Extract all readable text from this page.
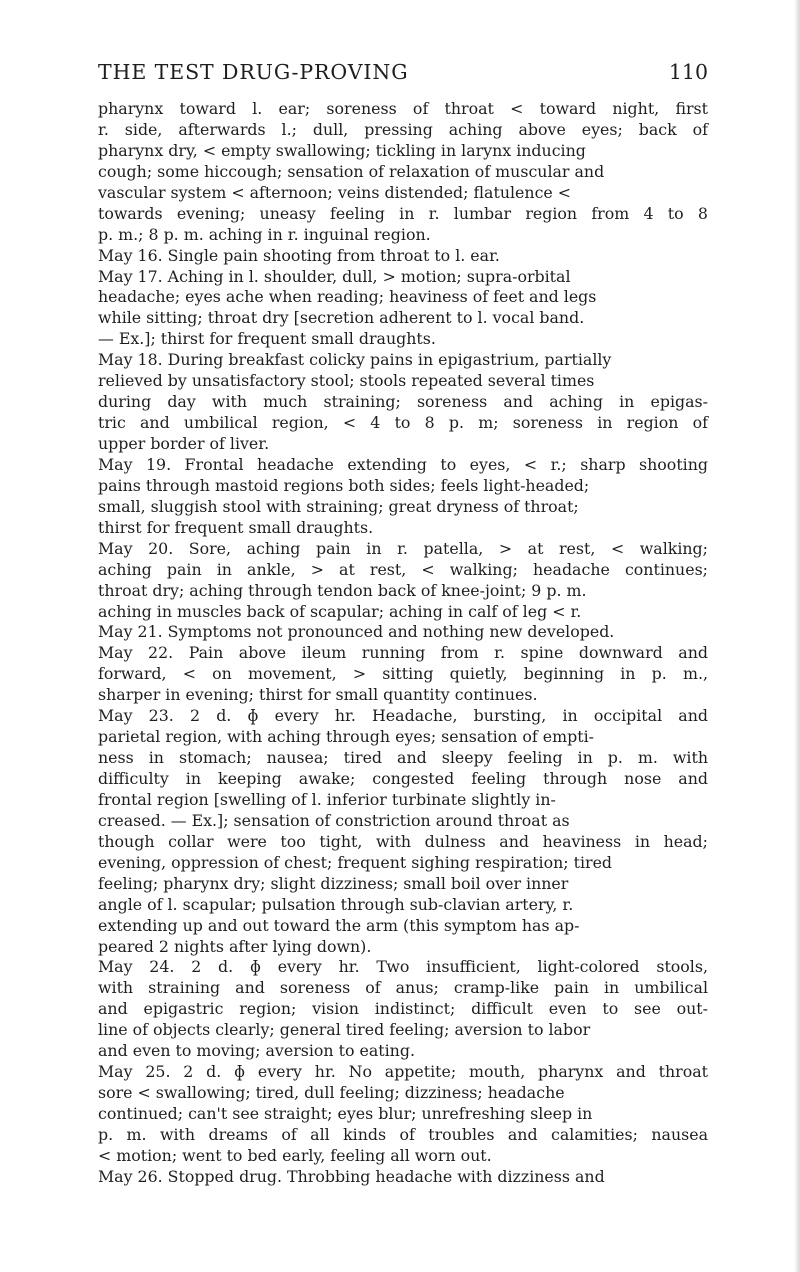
THE TEST DRUG-PROVING	110
pharynx toward l. ear; soreness of throat < toward night, first
r. side, afterwards l.; dull, pressing aching above eyes; back of
pharynx dry, < empty swallowing; tickling in larynx inducing
cough; some hiccough; sensation of relaxation of muscular and
vascular system < afternoon; veins distended; flatulence <
towards evening; uneasy feeling in r. lumbar region from 4 to 8
p. m.; 8 p. m. aching in r. inguinal region.
May 16. Single pain shooting from throat to l. ear.
May 17. Aching in l. shoulder, dull, > motion; supra-orbital
headache; eyes ache when reading; heaviness of feet and legs
while sitting; throat dry [secretion adherent to l. vocal band.
— Ex.]; thirst for frequent small draughts.
May 18. During breakfast colicky pains in epigastrium, partially
relieved by unsatisfactory stool; stools repeated several times
during day with much straining; soreness and aching in epigas-
tric and umbilical region, < 4 to 8 p. m; soreness in region of
upper border of liver.
May 19. Frontal headache extending to eyes, < r.; sharp shooting
pains through mastoid regions both sides; feels light-headed;
small, sluggish stool with straining; great dryness of throat;
thirst for frequent small draughts.
May 20. Sore, aching pain in r. patella, > at rest, < walking;
aching pain in ankle, > at rest, < walking; headache continues;
throat dry; aching through tendon back of knee-joint; 9 p. m.
aching in muscles back of scapular; aching in calf of leg < r.
May 21. Symptoms not pronounced and nothing new developed.
May 22. Pain above ileum running from r. spine downward and
forward, < on movement, > sitting quietly, beginning in p. m.,
sharper in evening; thirst for small quantity continues.
May 23. 2 d. ɸ every hr. Headache, bursting, in occipital and
parietal region, with aching through eyes; sensation of empti-
ness in stomach; nausea; tired and sleepy feeling in p. m. with
difficulty in keeping awake; congested feeling through nose and
frontal region [swelling of l. inferior turbinate slightly in-
creased. — Ex.]; sensation of constriction around throat as
though collar were too tight, with dulness and heaviness in head;
evening, oppression of chest; frequent sighing respiration; tired
feeling; pharynx dry; slight dizziness; small boil over inner
angle of l. scapular; pulsation through sub-clavian artery, r.
extending up and out toward the arm (this symptom has ap-
peared 2 nights after lying down).
May 24. 2 d. ɸ every hr. Two insufficient, light-colored stools,
with straining and soreness of anus; cramp-like pain in umbilical
and epigastric region; vision indistinct; difficult even to see out-
line of objects clearly; general tired feeling; aversion to labor
and even to moving; aversion to eating.
May 25. 2 d. ɸ every hr. No appetite; mouth, pharynx and throat
sore < swallowing; tired, dull feeling; dizziness; headache
continued; can't see straight; eyes blur; unrefreshing sleep in
p. m. with dreams of all kinds of troubles and calamities; nausea
< motion; went to bed early, feeling all worn out.
May 26. Stopped drug. Throbbing headache with dizziness and
